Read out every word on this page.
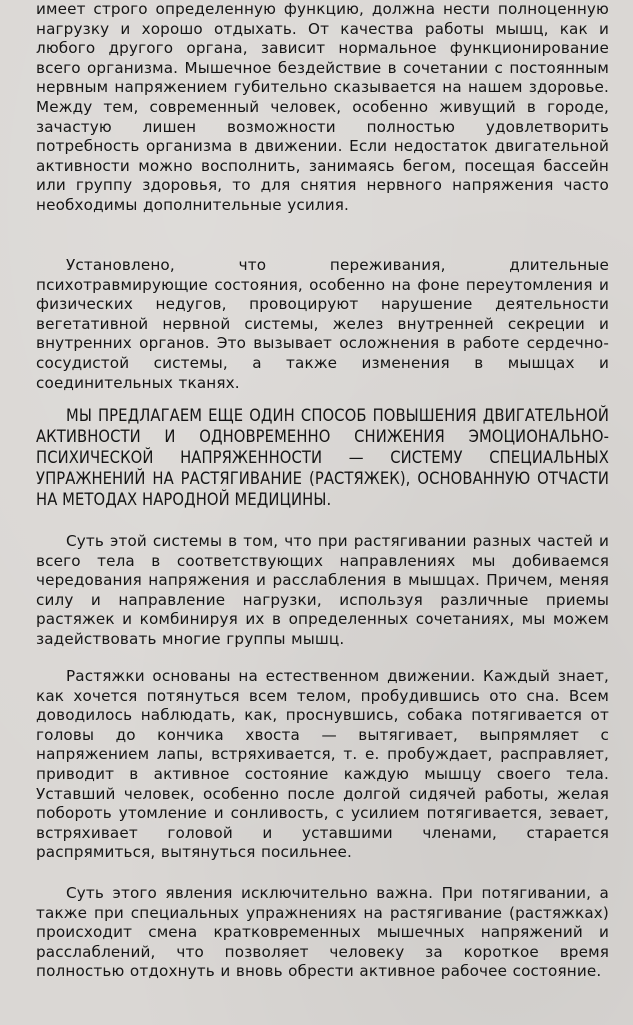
имеет строго определенную функцию, должна нести полноценную нагрузку и хорошо отдыхать. От качества работы мышц, как и любого другого органа, зависит нормальное функционирование всего организма. Мышечное бездействие в сочетании с постоянным нервным напряжением губительно сказывается на нашем здоровье. Между тем, современный человек, особенно живущий в городе, зачастую лишен возможности полностью удовлетворить потребность организма в движении. Если недостаток двигательной активности можно восполнить, занимаясь бегом, посещая бассейн или группу здоровья, то для снятия нервного напряжения часто необходимы дополнительные усилия.

Установлено, что переживания, длительные психотравмирующие состояния, особенно на фоне переутомления и физических недугов, провоцируют нарушение деятельности вегетативной нервной системы, желез внутренней секреции и внутренних органов. Это вызывает осложнения в работе сердечно-сосудистой системы, а также изменения в мышцах и соединительных тканях.

МЫ ПРЕДЛАГАЕМ ЕЩЕ ОДИН СПОСОБ ПОВЫШЕНИЯ ДВИГАТЕЛЬНОЙ АКТИВНОСТИ И ОДНОВРЕМЕННО СНИЖЕНИЯ ЭМОЦИОНАЛЬНО-ПСИХИЧЕСКОЙ НАПРЯЖЕННОСТИ — СИСТЕМУ СПЕЦИАЛЬНЫХ УПРАЖНЕНИЙ НА РАСТЯГИВАНИЕ (РАСТЯЖЕК), ОСНОВАННУЮ ОТЧАСТИ НА МЕТОДАХ НАРОДНОЙ МЕДИЦИНЫ.

Суть этой системы в том, что при растягивании разных частей и всего тела в соответствующих направлениях мы добиваемся чередования напряжения и расслабления в мышцах. Причем, меняя силу и направление нагрузки, используя различные приемы растяжек и комбинируя их в определенных сочетаниях, мы можем задействовать многие группы мышц.

Растяжки основаны на естественном движении. Каждый знает, как хочется потянуться всем телом, пробудившись ото сна. Всем доводилось наблюдать, как, проснувшись, собака потягивается от головы до кончика хвоста — вытягивает, выпрямляет с напряжением лапы, встряхивается, т. е. пробуждает, расправляет, приводит в активное состояние каждую мышцу своего тела. Уставший человек, особенно после долгой сидячей работы, желая побороть утомление и сонливость, с усилием потягивается, зевает, встряхивает головой и уставшими членами, старается распрямиться, вытянуться посильнее.

Суть этого явления исключительно важна. При потягивании, а также при специальных упражнениях на растягивание (растяжках) происходит смена кратковременных мышечных напряжений и расслаблений, что позволяет человеку за короткое время полностью отдохнуть и вновь обрести активное рабочее состояние.
